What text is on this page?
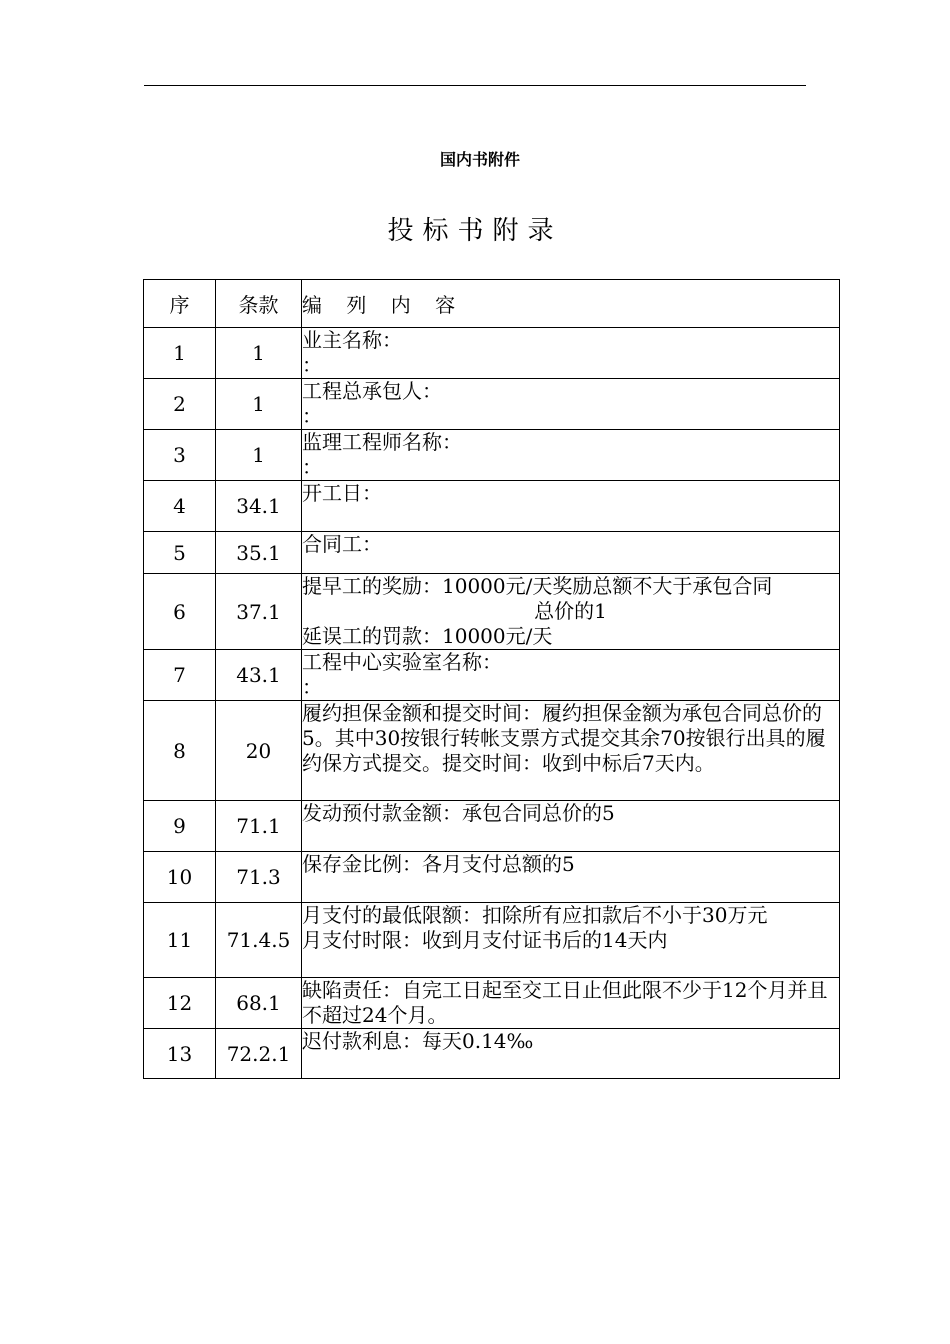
国内书附件
投标书附录
序	条款	编 列 内 容
1	1	业主名称：
：

2	1	工程总承包人：
：

3	1	监理工程师名称：
：

4	34.1	开工日：

5	35.1	合同工：

6	37.1	提早工的奖励：10000元/天奖励总额不大于承包合同
总价的1
延误工的罚款：10000元/天

7	43.1	工程中心实验室名称：
：

8	20	履约担保金额和提交时间：履约担保金额为承包合同总价的5。其中30按银行转帐支票方式提交其余70按银行出具的履约保方式提交。提交时间：收到中标后7天内。

9	71.1	发动预付款金额：承包合同总价的5

10	71.3	保存金比例：各月支付总额的5

11	71.4.5	月支付的最低限额：扣除所有应扣款后不小于30万元
月支付时限：收到月支付证书后的14天内

12	68.1	缺陷责任：自完工日起至交工日止但此限不少于12个月并且不超过24个月。

13	72.2.1	迟付款利息：每天0.14‰
